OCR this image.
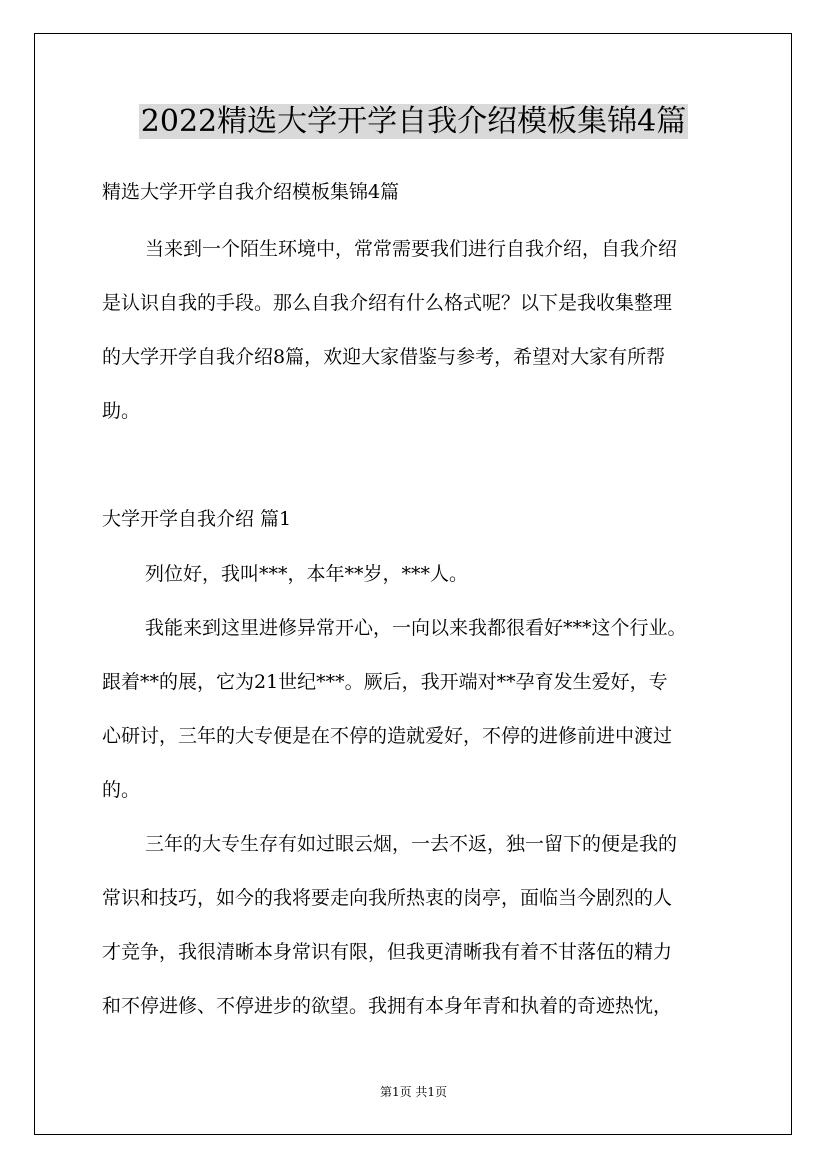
2022精选大学开学自我介绍模板集锦4篇

精选大学开学自我介绍模板集锦4篇

当来到一个陌生环境中，常常需要我们进行自我介绍，自我介绍

是认识自我的手段。那么自我介绍有什么格式呢？以下是我收集整理

的大学开学自我介绍8篇，欢迎大家借鉴与参考，希望对大家有所帮

助。

大学开学自我介绍 篇1

列位好，我叫***，本年**岁，***人。

我能来到这里进修异常开心，一向以来我都很看好***这个行业。

跟着**的展，它为21世纪***。厥后，我开端对**孕育发生爱好，专

心研讨，三年的大专便是在不停的造就爱好，不停的进修前进中渡过

的。

三年的大专生存有如过眼云烟，一去不返，独一留下的便是我的

常识和技巧，如今的我将要走向我所热衷的岗亭，面临当今剧烈的人

才竞争，我很清晰本身常识有限，但我更清晰我有着不甘落伍的精力

和不停进修、不停进步的欲望。我拥有本身年青和执着的奇迹热忱，

第1页 共1页
